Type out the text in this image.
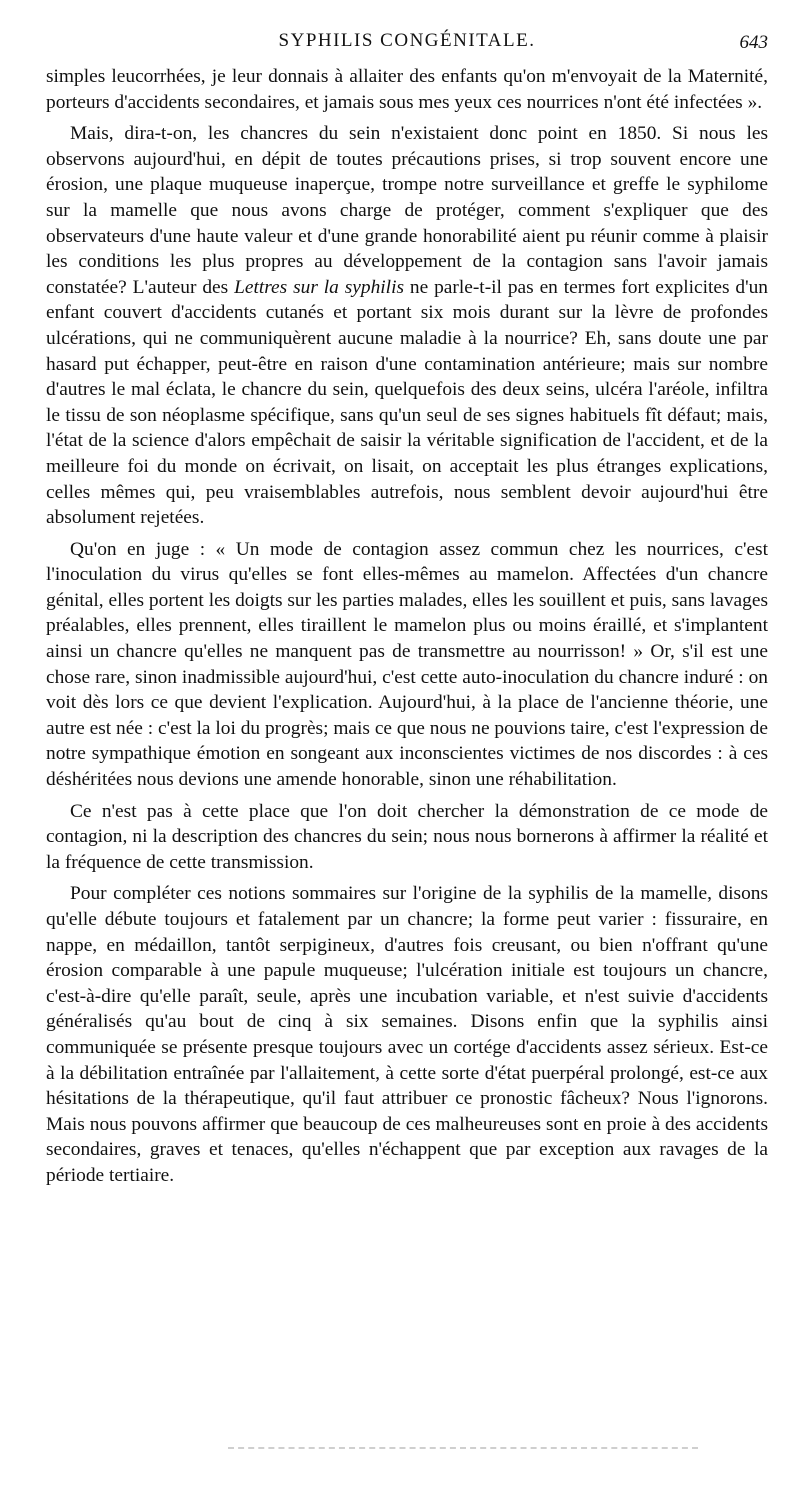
SYPHILIS CONGÉNITALE.	643

simples leucorrhées, je leur donnais à allaiter des enfants qu'on m'envoyait de la Maternité, porteurs d'accidents secondaires, et jamais sous mes yeux ces nourrices n'ont été infectées ».

Mais, dira-t-on, les chancres du sein n'existaient donc point en 1850. Si nous les observons aujourd'hui, en dépit de toutes précautions prises, si trop souvent encore une érosion, une plaque muqueuse inaperçue, trompe notre surveillance et greffe le syphilome sur la mamelle que nous avons charge de protéger, comment s'expliquer que des observateurs d'une haute valeur et d'une grande honorabilité aient pu réunir comme à plaisir les conditions les plus propres au développement de la contagion sans l'avoir jamais constatée? L'auteur des Lettres sur la syphilis ne parle-t-il pas en termes fort explicites d'un enfant couvert d'accidents cutanés et portant six mois durant sur la lèvre de profondes ulcérations, qui ne communiquèrent aucune maladie à la nourrice? Eh, sans doute une par hasard put échapper, peut-être en raison d'une contamination antérieure; mais sur nombre d'autres le mal éclata, le chancre du sein, quelquefois des deux seins, ulcéra l'aréole, infiltra le tissu de son néoplasme spécifique, sans qu'un seul de ses signes habituels fît défaut; mais, l'état de la science d'alors empêchait de saisir la véritable signification de l'accident, et de la meilleure foi du monde on écrivait, on lisait, on acceptait les plus étranges explications, celles mêmes qui, peu vraisemblables autrefois, nous semblent devoir aujourd'hui être absolument rejetées.

Qu'on en juge : « Un mode de contagion assez commun chez les nourrices, c'est l'inoculation du virus qu'elles se font elles-mêmes au mamelon. Affectées d'un chancre génital, elles portent les doigts sur les parties malades, elles les souillent et puis, sans lavages préalables, elles prennent, elles tiraillent le mamelon plus ou moins éraillé, et s'implantent ainsi un chancre qu'elles ne manquent pas de transmettre au nourrisson! » Or, s'il est une chose rare, sinon inadmissible aujourd'hui, c'est cette auto-inoculation du chancre induré : on voit dès lors ce que devient l'explication. Aujourd'hui, à la place de l'ancienne théorie, une autre est née : c'est la loi du progrès; mais ce que nous ne pouvions taire, c'est l'expression de notre sympathique émotion en songeant aux inconscientes victimes de nos discordes : à ces déshéritées nous devions une amende honorable, sinon une réhabilitation.

Ce n'est pas à cette place que l'on doit chercher la démonstration de ce mode de contagion, ni la description des chancres du sein; nous nous bornerons à affirmer la réalité et la fréquence de cette transmission.

Pour compléter ces notions sommaires sur l'origine de la syphilis de la mamelle, disons qu'elle débute toujours et fatalement par un chancre; la forme peut varier : fissuraire, en nappe, en médaillon, tantôt serpigineux, d'autres fois creusant, ou bien n'offrant qu'une érosion comparable à une papule muqueuse; l'ulcération initiale est toujours un chancre, c'est-à-dire qu'elle paraît, seule, après une incubation variable, et n'est suivie d'accidents généralisés qu'au bout de cinq à six semaines. Disons enfin que la syphilis ainsi communiquée se présente presque toujours avec un cortége d'accidents assez sérieux. Est-ce à la débilitation entraînée par l'allaitement, à cette sorte d'état puerpéral prolongé, est-ce aux hésitations de la thérapeutique, qu'il faut attribuer ce pronostic fâcheux? Nous l'ignorons. Mais nous pouvons affirmer que beaucoup de ces malheureuses sont en proie à des accidents secondaires, graves et tenaces, qu'elles n'échappent que par exception aux ravages de la période tertiaire.
